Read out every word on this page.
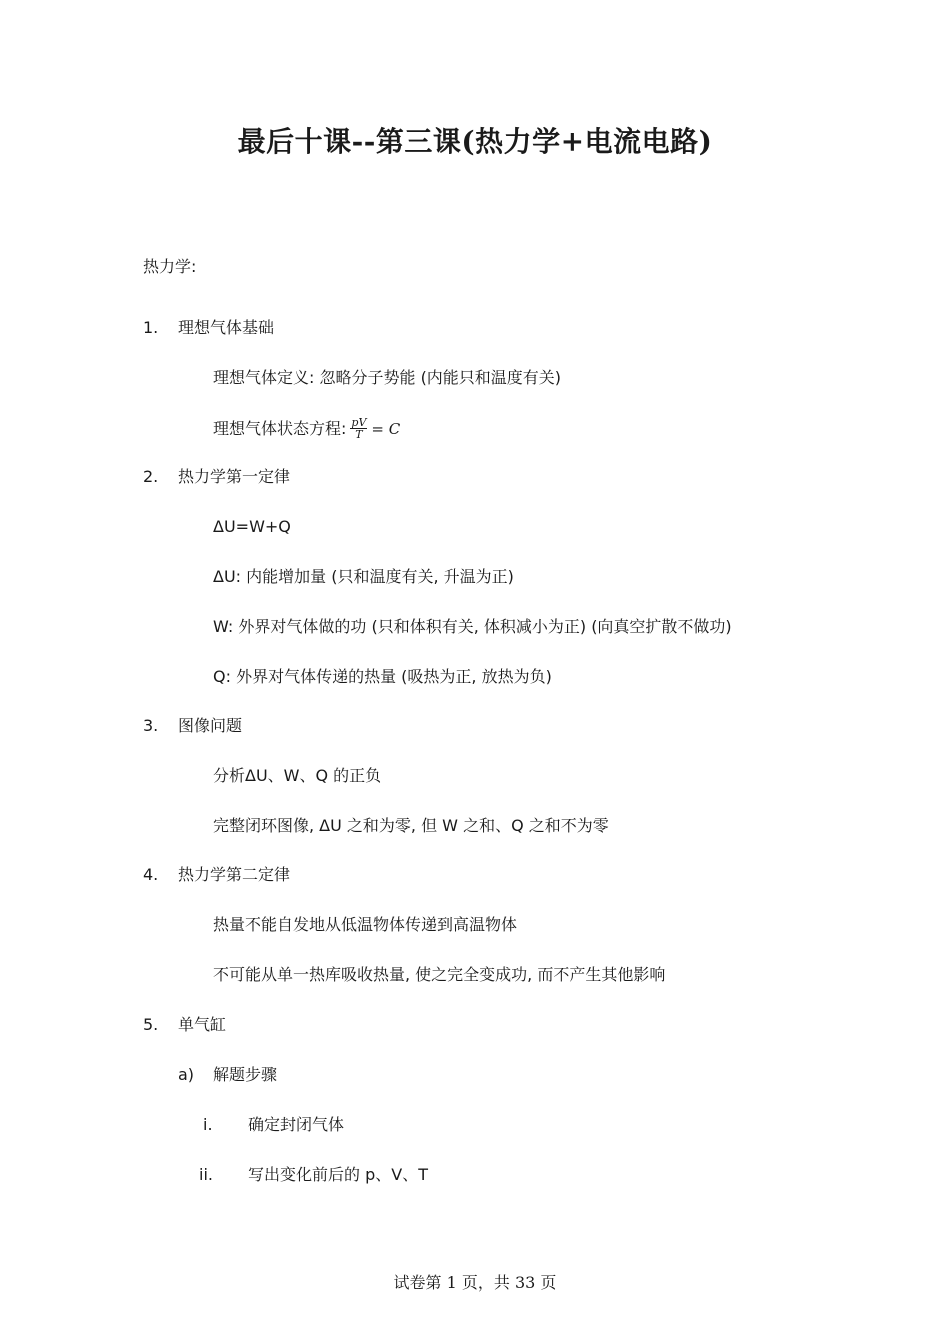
最后十课--第三课(热力学+电流电路)
热力学:
1. 理想气体基础
理想气体定义: 忽略分子势能 (内能只和温度有关)
理想气体状态方程: $\frac{pV}{T} = C$
2. 热力学第一定律
ΔU=W+Q
ΔU: 内能增加量 (只和温度有关, 升温为正)
W: 外界对气体做的功 (只和体积有关, 体积减小为正) (向真空扩散不做功)
Q: 外界对气体传递的热量 (吸热为正, 放热为负)
3. 图像问题
分析ΔU、W、Q 的正负
完整闭环图像, ΔU 之和为零, 但 W 之和、Q 之和不为零
4. 热力学第二定律
热量不能自发地从低温物体传递到高温物体
不可能从单一热库吸收热量, 使之完全变成功, 而不产生其他影响
5. 单气缸
a) 解题步骤
i. 确定封闭气体
ii. 写出变化前后的 p、V、T
试卷第 1 页，共 33 页
